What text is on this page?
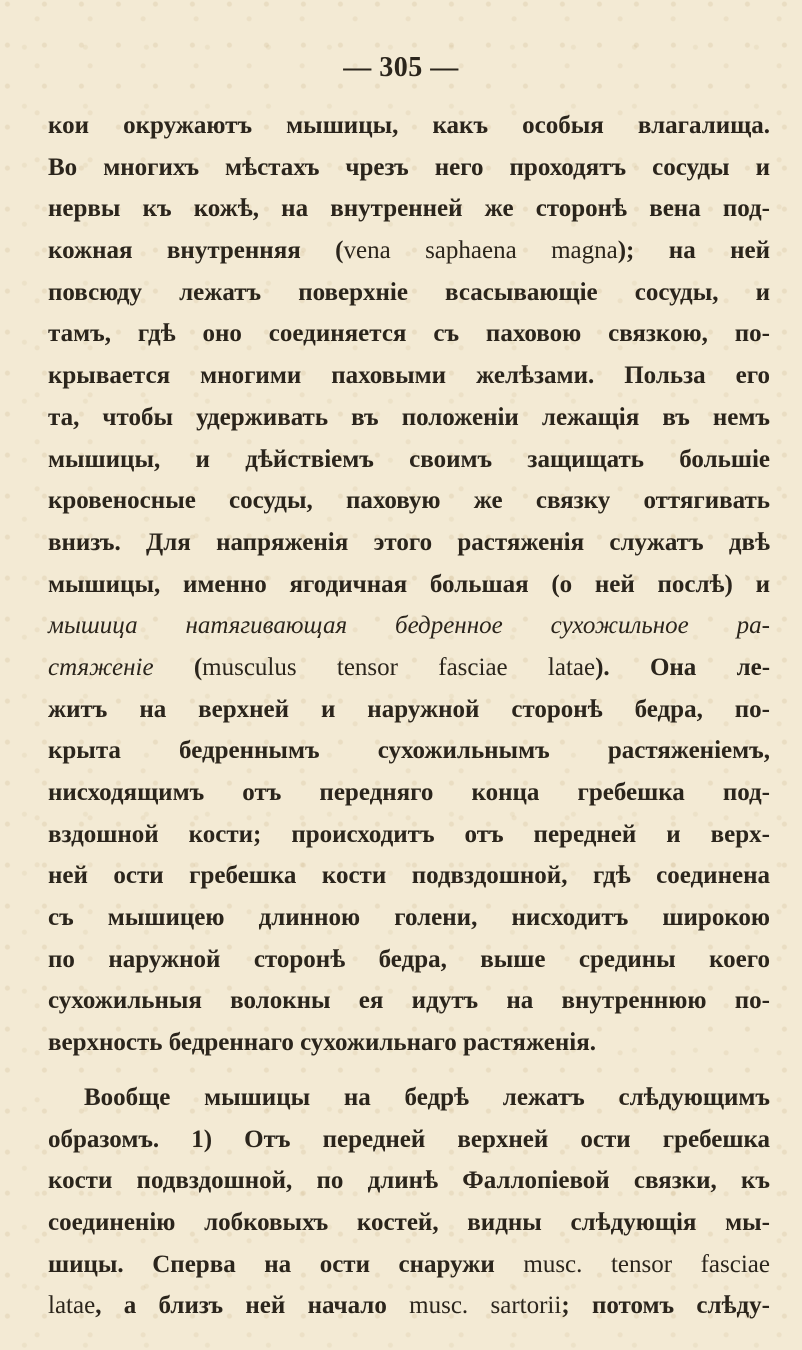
— 305 —
кои окружаютъ мышицы, какъ особыя влагалища.
Во многихъ мѣстахъ чрезъ него проходятъ сосуды и
нервы къ кожѣ, на внутренней же сторонѣ вена под-
кожная внутренняя (vena saphaena magna); на ней
повсюду лежатъ поверхніе всасывающіе сосуды, и
тамъ, гдѣ оно соединяется съ паховою связкою, по-
крывается многими паховыми желѣзами. Польза его
та, чтобы удерживать въ положеніи лежащія въ немъ
мышицы, и дѣйствіемъ своимъ защищать большіе
кровеносные сосуды, паховую же связку оттягивать
внизъ. Для напряженія этого растяженія служатъ двѣ
мышицы, именно ягодичная большая (о ней послѣ) и
мышица натягивающая бедренное сухожильное ра-
стяженіе (musculus tensor fasciae latae). Она ле-
житъ на верхней и наружной сторонѣ бедра, по-
крыта бедреннымъ сухожильнымъ растяженіемъ,
нисходящимъ отъ передняго конца гребешка под-
вздошной кости; происходитъ отъ передней и верх-
ней ости гребешка кости подвздошной, гдѣ соединена
съ мышицею длинною голени, нисходитъ широкою
по наружной сторонѣ бедра, выше средины коего
сухожильныя волокны ея идутъ на внутреннюю по-
верхность бедреннаго сухожильнаго растяженія.
Вообще мышицы на бедрѣ лежатъ слѣдующимъ
образомъ. 1) Отъ передней верхней ости гребешка
кости подвздошной, по длинѣ Фаллопіевой связки, къ
соединенію лобковыхъ костей, видны слѣдующія мы-
шицы. Сперва на ости снаружи musc. tensor fasciae
latae, а близъ ней начало musc. sartorii; потомъ слѣду-
